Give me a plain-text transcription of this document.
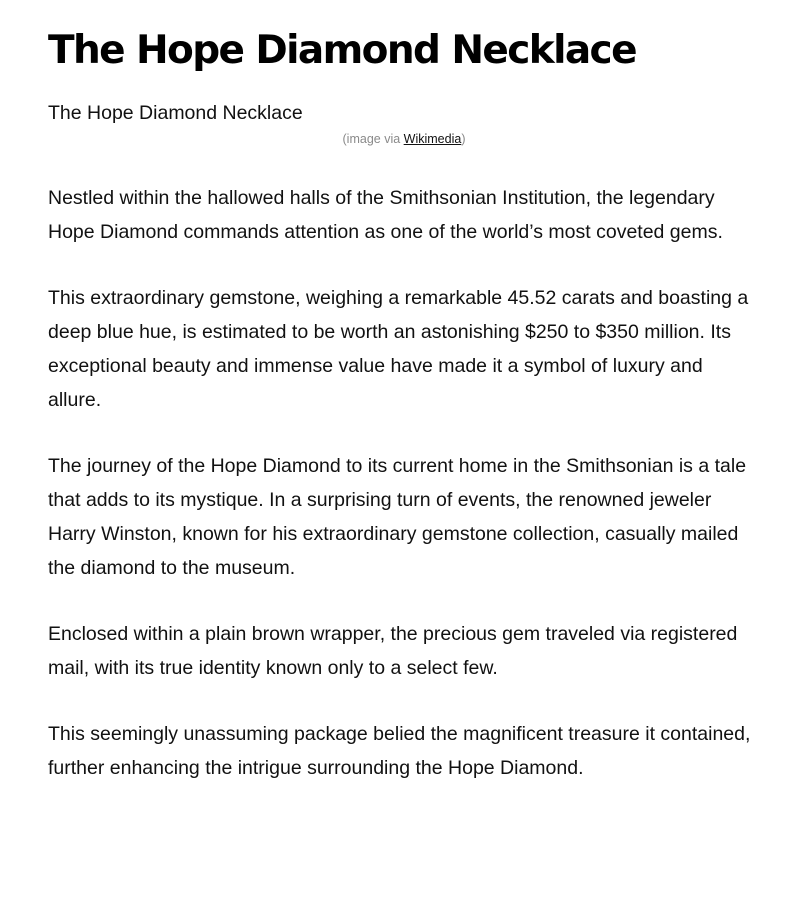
The Hope Diamond Necklace
The Hope Diamond Necklace
(image via Wikimedia)

Nestled within the hallowed halls of the Smithsonian Institution, the legendary Hope Diamond commands attention as one of the world’s most coveted gems.

This extraordinary gemstone, weighing a remarkable 45.52 carats and boasting a deep blue hue, is estimated to be worth an astonishing $250 to $350 million. Its exceptional beauty and immense value have made it a symbol of luxury and allure.

The journey of the Hope Diamond to its current home in the Smithsonian is a tale that adds to its mystique. In a surprising turn of events, the renowned jeweler Harry Winston, known for his extraordinary gemstone collection, casually mailed the diamond to the museum.

Enclosed within a plain brown wrapper, the precious gem traveled via registered mail, with its true identity known only to a select few.

This seemingly unassuming package belied the magnificent treasure it contained, further enhancing the intrigue surrounding the Hope Diamond.
